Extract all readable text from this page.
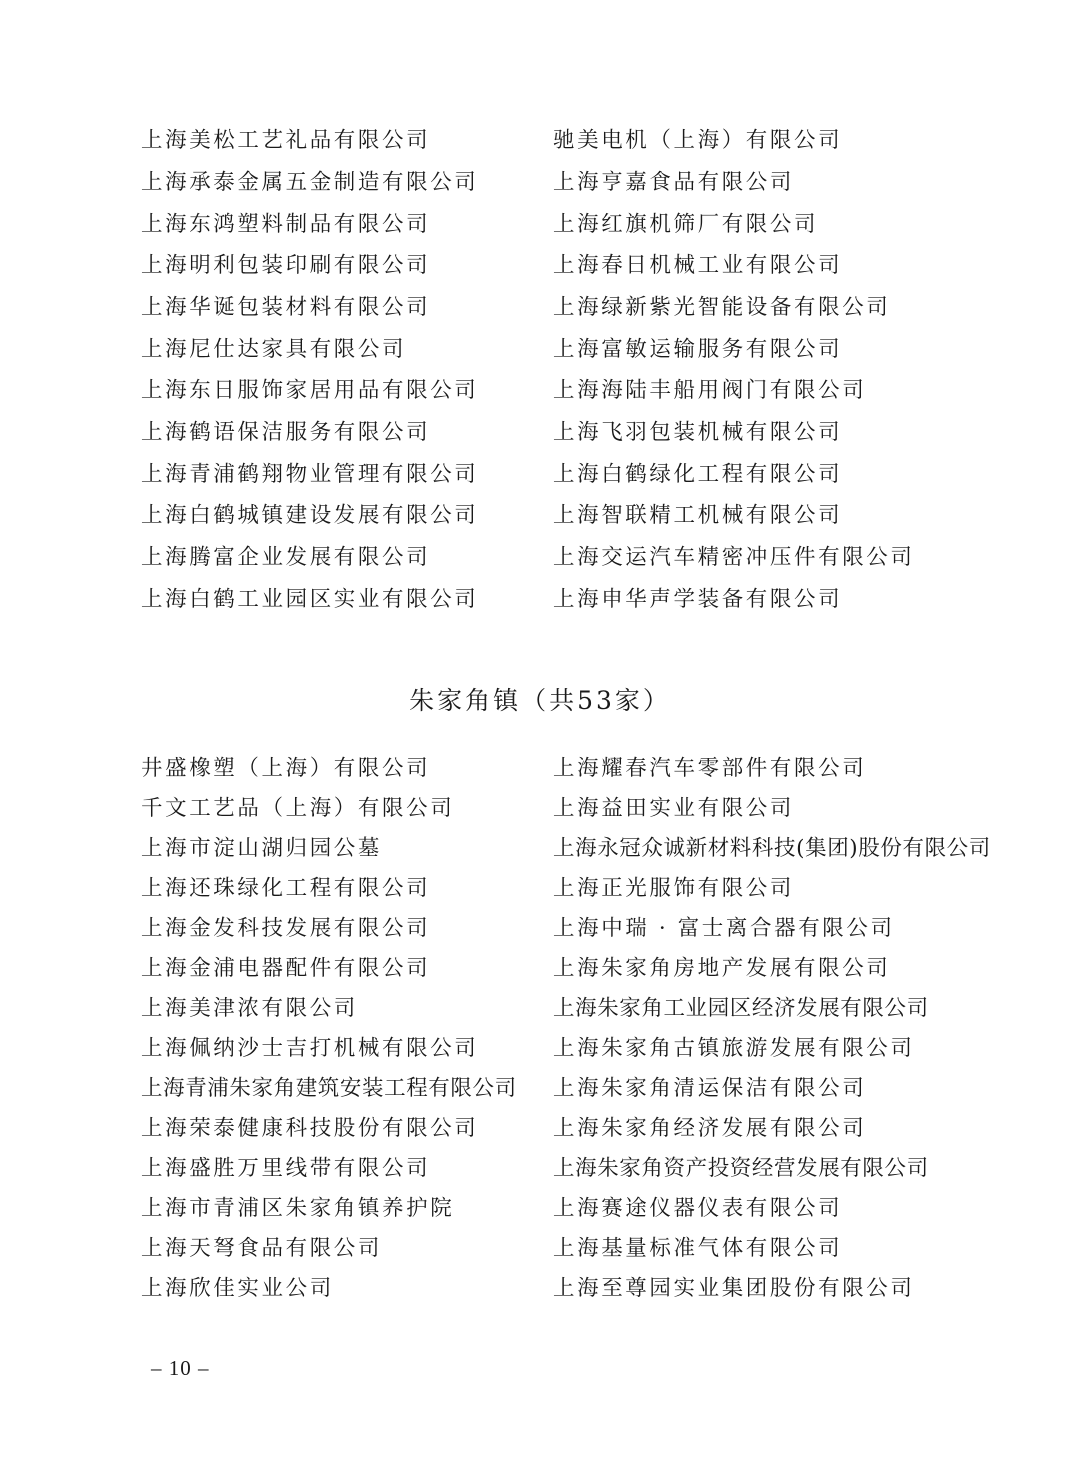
上海美松工艺礼品有限公司	驰美电机（上海）有限公司
上海承泰金属五金制造有限公司	上海亨嘉食品有限公司
上海东鸿塑料制品有限公司	上海红旗机筛厂有限公司
上海明利包装印刷有限公司	上海春日机械工业有限公司
上海华诞包装材料有限公司	上海绿新紫光智能设备有限公司
上海尼仕达家具有限公司	上海富敏运输服务有限公司
上海东日服饰家居用品有限公司	上海海陆丰船用阀门有限公司
上海鹤语保洁服务有限公司	上海飞羽包装机械有限公司
上海青浦鹤翔物业管理有限公司	上海白鹤绿化工程有限公司
上海白鹤城镇建设发展有限公司	上海智联精工机械有限公司
上海腾富企业发展有限公司	上海交运汽车精密冲压件有限公司
上海白鹤工业园区实业有限公司	上海申华声学装备有限公司
朱家角镇（共53家）
井盛橡塑（上海）有限公司	上海耀春汽车零部件有限公司
千文工艺品（上海）有限公司	上海益田实业有限公司
上海市淀山湖归园公墓	上海永冠众诚新材料科技(集团)股份有限公司
上海还珠绿化工程有限公司	上海正光服饰有限公司
上海金发科技发展有限公司	上海中瑞 · 富士离合器有限公司
上海金浦电器配件有限公司	上海朱家角房地产发展有限公司
上海美津浓有限公司	上海朱家角工业园区经济发展有限公司
上海佩纳沙士吉打机械有限公司	上海朱家角古镇旅游发展有限公司
上海青浦朱家角建筑安装工程有限公司 上海朱家角清运保洁有限公司
上海荣泰健康科技股份有限公司	上海朱家角经济发展有限公司
上海盛胜万里线带有限公司	上海朱家角资产投资经营发展有限公司
上海市青浦区朱家角镇养护院	上海赛途仪器仪表有限公司
上海天弩食品有限公司	上海基量标准气体有限公司
上海欣佳实业公司	上海至尊园实业集团股份有限公司
– 10 –
